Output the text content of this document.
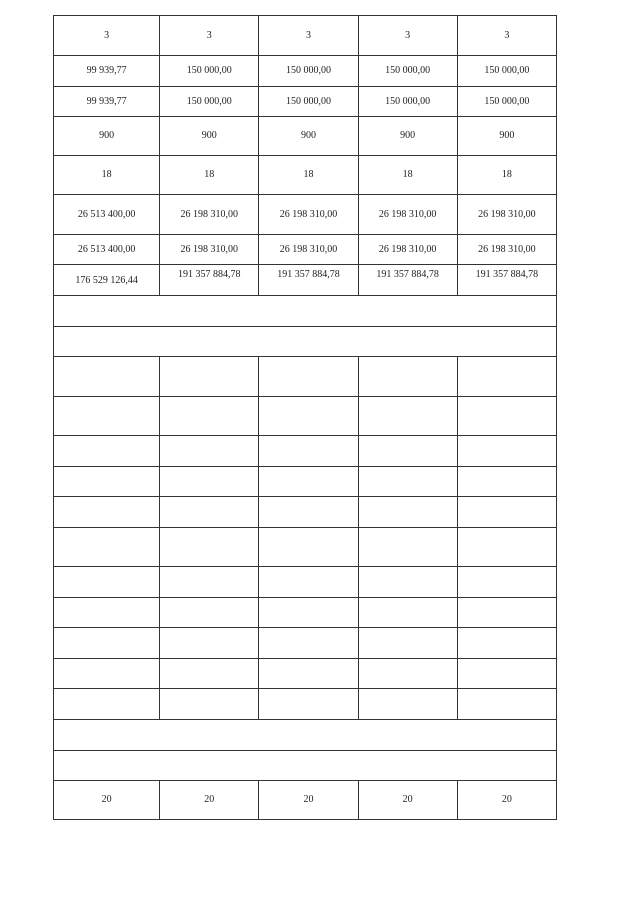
3	3	3	3	3
99 939,77	150 000,00	150 000,00	150 000,00	150 000,00
99 939,77	150 000,00	150 000,00	150 000,00	150 000,00
900	900	900	900	900
18	18	18	18	18
26 513 400,00	26 198 310,00	26 198 310,00	26 198 310,00	26 198 310,00
26 513 400,00	26 198 310,00	26 198 310,00	26 198 310,00	26 198 310,00
176 529 126,44	191 357 884,78	191 357 884,78	191 357 884,78	191 357 884,78

20	20	20	20	20
